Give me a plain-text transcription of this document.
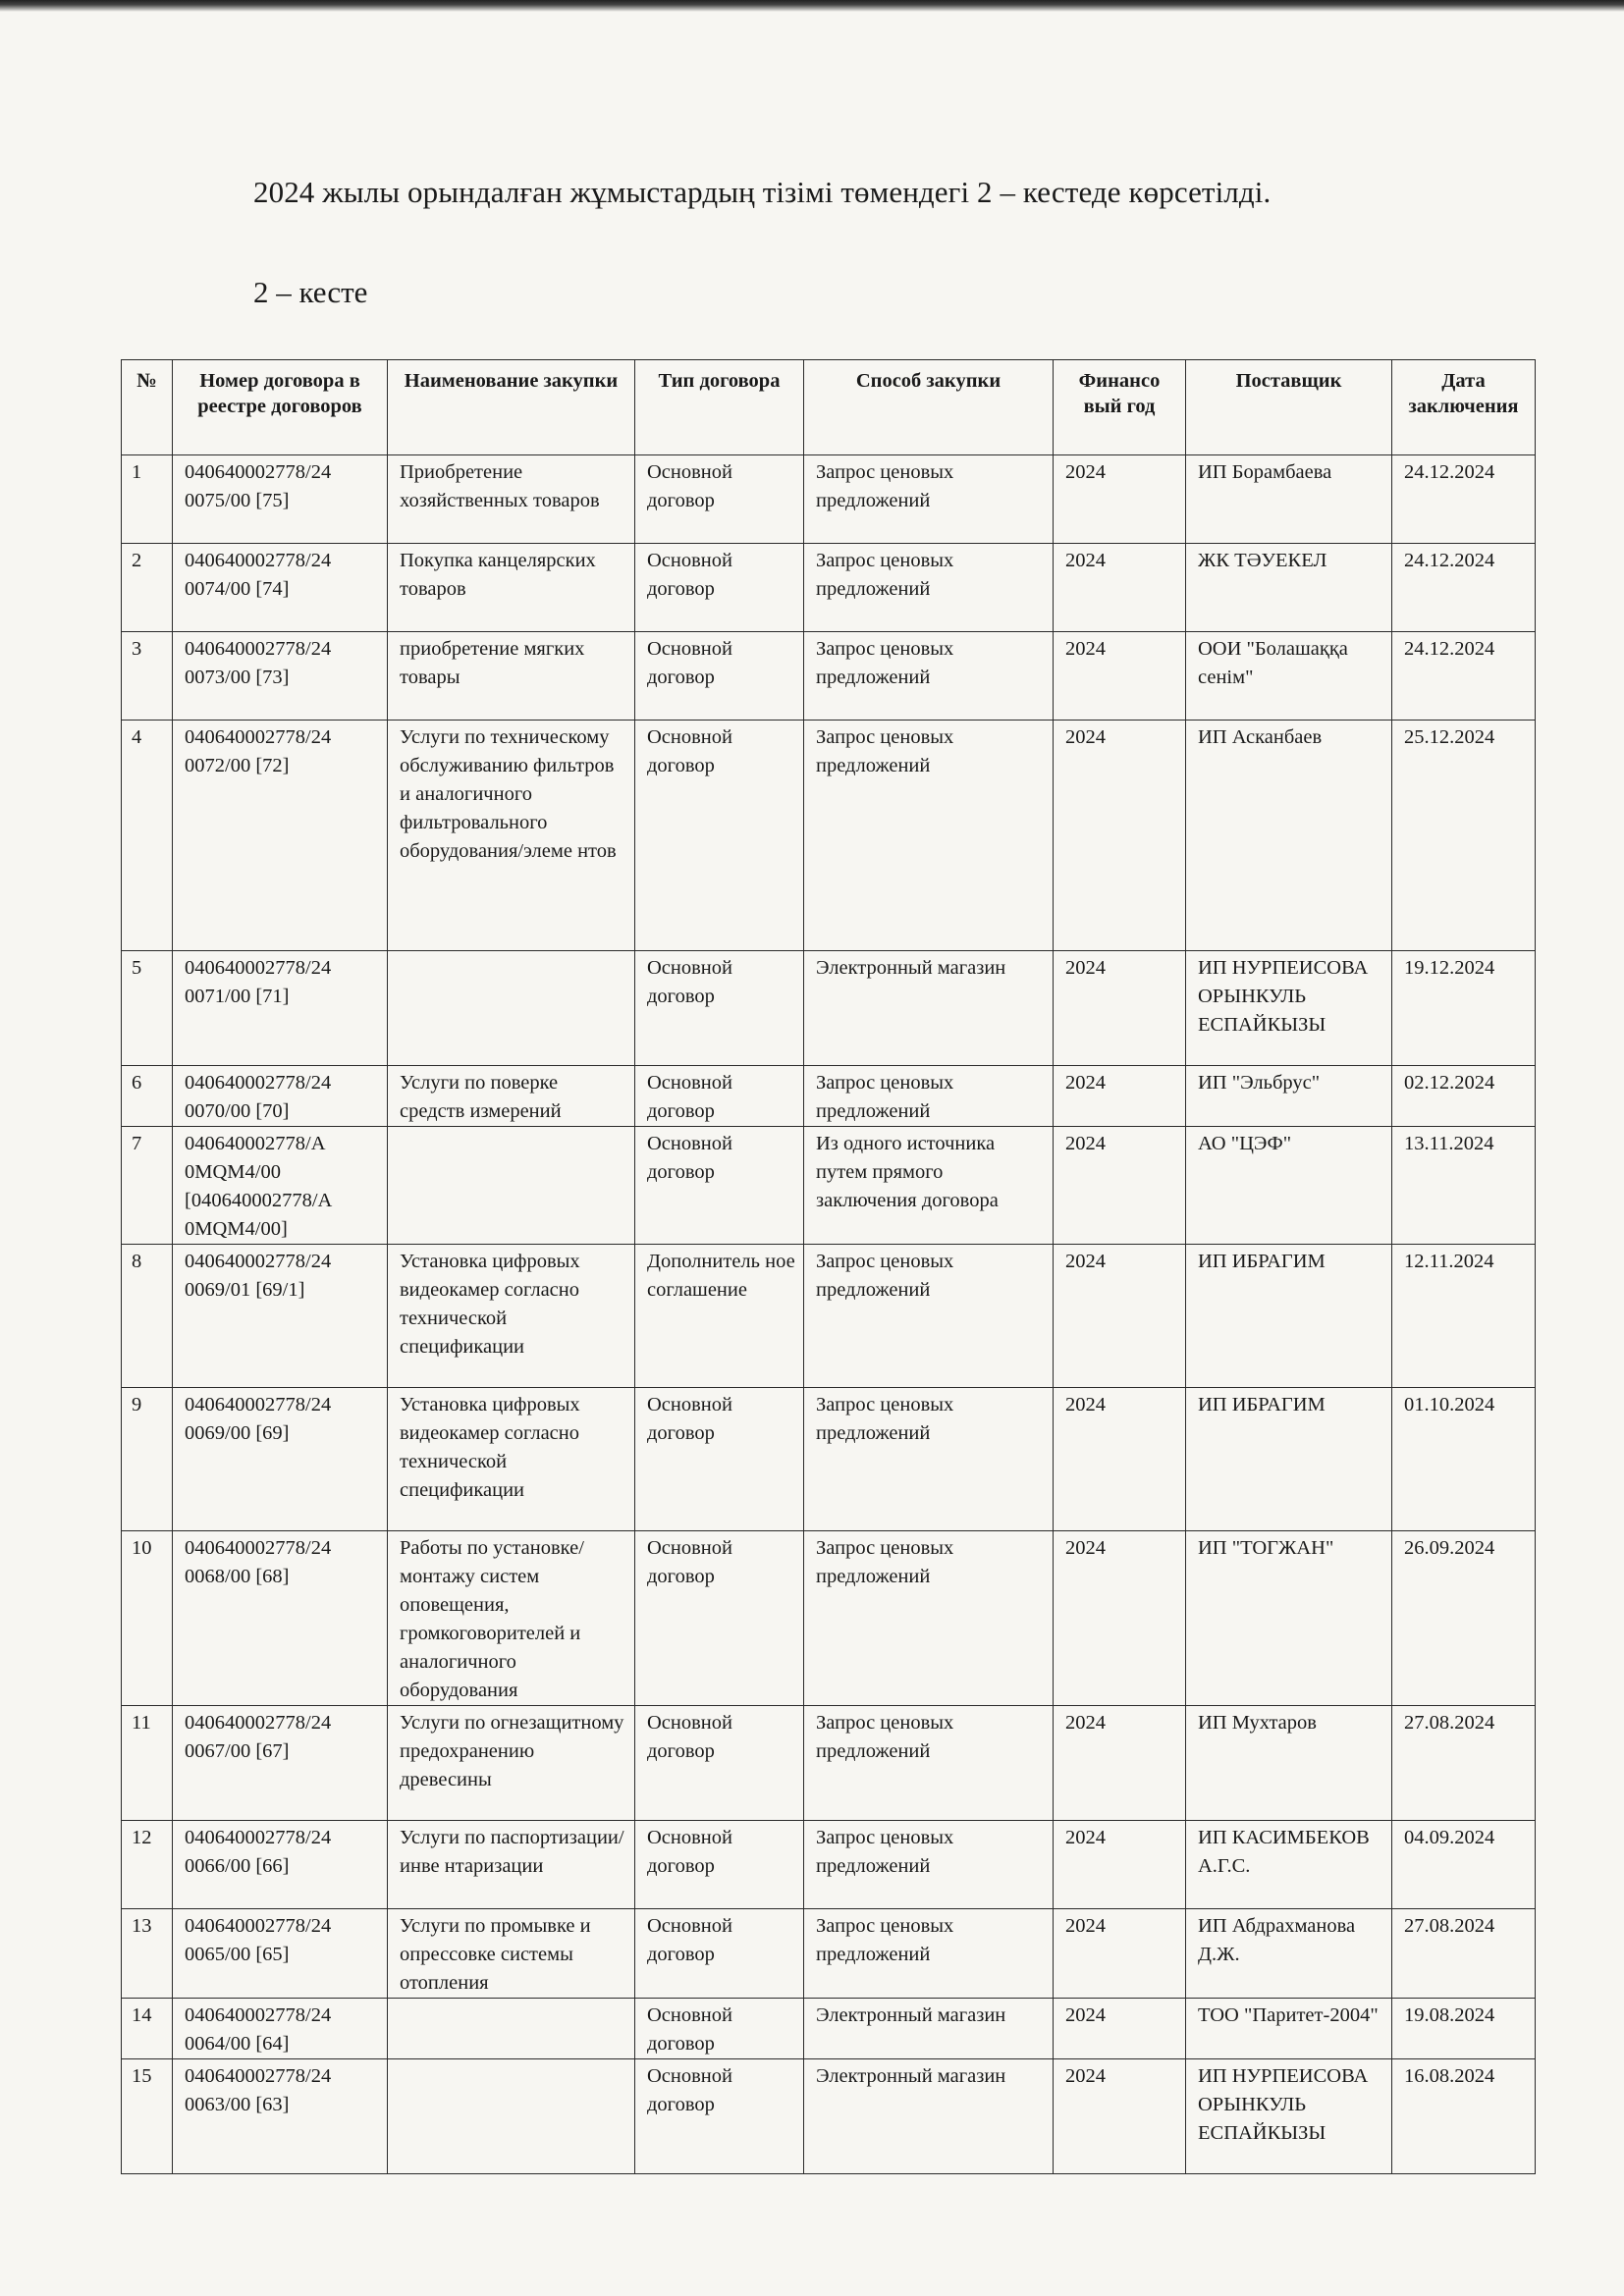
2024 жылы орындалған жұмыстардың тізімі төмендегі 2 – кестеде көрсетілді.
2 – кесте
№	Номер договора в реестре договоров	Наименование закупки	Тип договора	Способ закупки	Финансо вый год	Поставщик	Дата заключения
1	040640002778/24 0075/00 [75]	Приобретение хозяйственных товаров	Основной договор	Запрос ценовых предложений	2024	ИП Борамбаева	24.12.2024
2	040640002778/24 0074/00 [74]	Покупка канцелярских товаров	Основной договор	Запрос ценовых предложений	2024	ЖК ТӘУЕКЕЛ	24.12.2024
3	040640002778/24 0073/00 [73]	приобретение мягких товары	Основной договор	Запрос ценовых предложений	2024	ООИ "Болашаққа сенім"	24.12.2024
4	040640002778/24 0072/00 [72]	Услуги по техническому обслуживанию фильтров и аналогичного фильтровального оборудования/элеме нтов	Основной договор	Запрос ценовых предложений	2024	ИП Асканбаев	25.12.2024
5	040640002778/24 0071/00 [71]		Основной договор	Электронный магазин	2024	ИП НУРПЕИСОВА ОРЫНКУЛЬ ЕСПАЙКЫЗЫ	19.12.2024
6	040640002778/24 0070/00 [70]	Услуги по поверке средств измерений	Основной договор	Запрос ценовых предложений	2024	ИП "Эльбрус"	02.12.2024
7	040640002778/A 0MQM4/00 [040640002778/A 0MQM4/00]		Основной договор	Из одного источника путем прямого заключения договора	2024	АО "ЦЭФ"	13.11.2024
8	040640002778/24 0069/01 [69/1]	Установка цифровых видеокамер согласно технической спецификации	Дополнитель ное соглашение	Запрос ценовых предложений	2024	ИП ИБРАГИМ	12.11.2024
9	040640002778/24 0069/00 [69]	Установка цифровых видеокамер согласно технической спецификации	Основной договор	Запрос ценовых предложений	2024	ИП ИБРАГИМ	01.10.2024
10	040640002778/24 0068/00 [68]	Работы по установке/монтажу систем оповещения, громкоговорителей и аналогичного оборудования	Основной договор	Запрос ценовых предложений	2024	ИП "ТОГЖАН"	26.09.2024
11	040640002778/24 0067/00 [67]	Услуги по огнезащитному предохранению древесины	Основной договор	Запрос ценовых предложений	2024	ИП Мухтаров	27.08.2024
12	040640002778/24 0066/00 [66]	Услуги по паспортизации/инве нтаризации	Основной договор	Запрос ценовых предложений	2024	ИП КАСИМБЕКОВ А.Г.С.	04.09.2024
13	040640002778/24 0065/00 [65]	Услуги по промывке и опрессовке системы отопления	Основной договор	Запрос ценовых предложений	2024	ИП Абдрахманова Д.Ж.	27.08.2024
14	040640002778/24 0064/00 [64]		Основной договор	Электронный магазин	2024	ТОО "Паритет-2004"	19.08.2024
15	040640002778/24 0063/00 [63]		Основной договор	Электронный магазин	2024	ИП НУРПЕИСОВА ОРЫНКУЛЬ ЕСПАЙКЫЗЫ	16.08.2024
